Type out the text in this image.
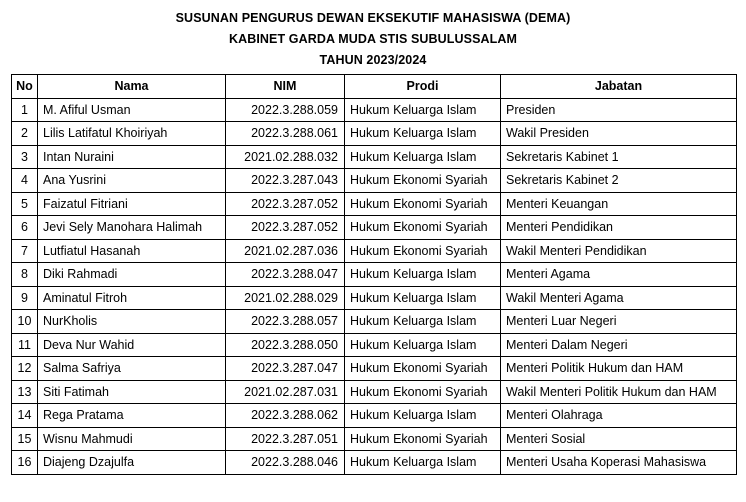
SUSUNAN PENGURUS DEWAN EKSEKUTIF MAHASISWA (DEMA)
KABINET GARDA MUDA STIS SUBULUSSALAM
TAHUN 2023/2024
No	Nama	NIM	Prodi	Jabatan
1	M. Afiful Usman	2022.3.288.059	Hukum Keluarga Islam	Presiden
2	Lilis Latifatul Khoiriyah	2022.3.288.061	Hukum Keluarga Islam	Wakil Presiden
3	Intan Nuraini	2021.02.288.032	Hukum Keluarga Islam	Sekretaris Kabinet 1
4	Ana Yusrini	2022.3.287.043	Hukum Ekonomi Syariah	Sekretaris Kabinet 2
5	Faizatul Fitriani	2022.3.287.052	Hukum Ekonomi Syariah	Menteri Keuangan
6	Jevi Sely Manohara Halimah	2022.3.287.052	Hukum Ekonomi Syariah	Menteri Pendidikan
7	Lutfiatul Hasanah	2021.02.287.036	Hukum Ekonomi Syariah	Wakil Menteri Pendidikan
8	Diki Rahmadi	2022.3.288.047	Hukum Keluarga Islam	Menteri Agama
9	Aminatul Fitroh	2021.02.288.029	Hukum Keluarga Islam	Wakil Menteri Agama
10	NurKholis	2022.3.288.057	Hukum Keluarga Islam	Menteri Luar Negeri
11	Deva Nur Wahid	2022.3.288.050	Hukum Keluarga Islam	Menteri Dalam Negeri
12	Salma Safriya	2022.3.287.047	Hukum Ekonomi Syariah	Menteri Politik Hukum dan HAM
13	Siti Fatimah	2021.02.287.031	Hukum Ekonomi Syariah	Wakil Menteri Politik Hukum dan HAM
14	Rega Pratama	2022.3.288.062	Hukum Keluarga Islam	Menteri Olahraga
15	Wisnu Mahmudi	2022.3.287.051	Hukum Ekonomi Syariah	Menteri Sosial
16	Diajeng Dzajulfa	2022.3.288.046	Hukum Keluarga Islam	Menteri Usaha Koperasi Mahasiswa
